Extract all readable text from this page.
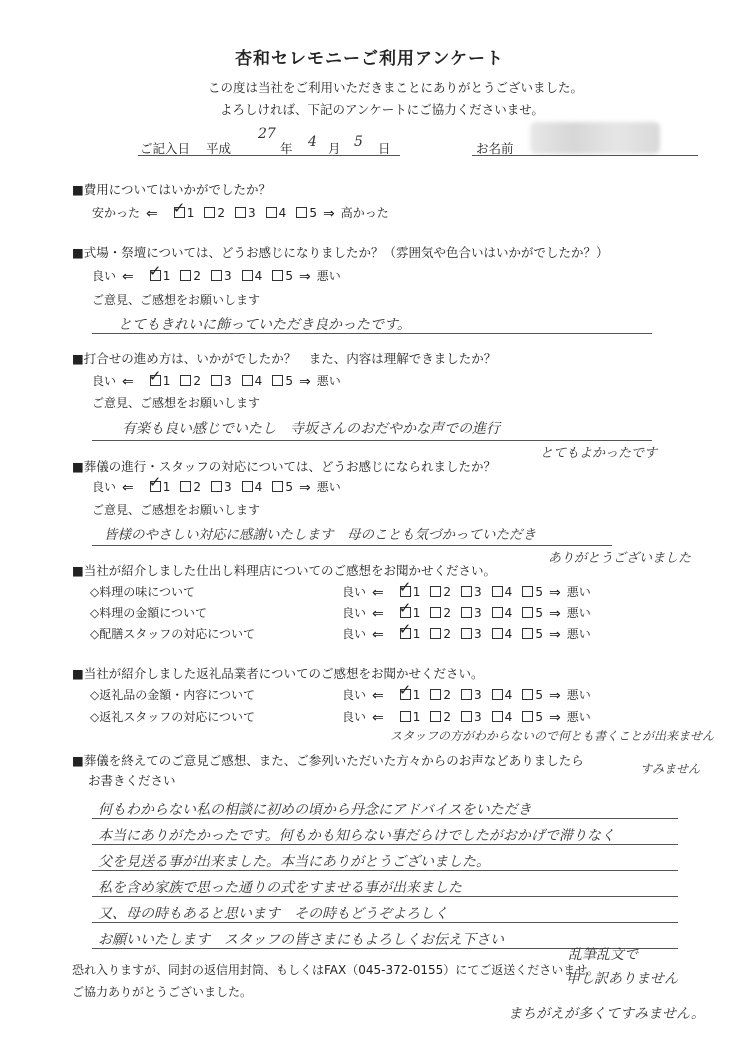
杏和セレモニーご利用アンケート
この度は当社をご利用いただきまことにありがとうございました。
よろしければ、下記のアンケートにご協力くださいませ。
ご記入日 平成
27
年 4 月 5 日	お名前
■費用についてはいかがでしたか？
安かった ⇐ ✓ 1 2 3 4 5 ⇒ 高かった
■式場・祭壇については、どうお感じになりましたか？（雰囲気や色合いはいかがでしたか？）
良い ⇐ ✓ 1 2 3 4 5 ⇒ 悪い
ご意見、ご感想をお願いします
とてもきれいに飾っていただき良かったです。
■打合せの進め方は、いかがでしたか？　また、内容は理解できましたか？
良い ⇐ ✓ 1 2 3 4 5 ⇒ 悪い
ご意見、ご感想をお願いします
有楽も良い感じでいたし　寺坂さんのおだやかな声での進行
とてもよかったです
■葬儀の進行・スタッフの対応については、どうお感じになられましたか？
良い ⇐ ✓ 1 2 3 4 5 ⇒ 悪い
ご意見、ご感想をお願いします
皆様のやさしい対応に感謝いたします　母のことも気づかっていただき
ありがとうございました
■当社が紹介しました仕出し料理店についてのご感想をお聞かせください。
◇料理の味について	良い ⇐ ✓ 1 2 3 4 5 ⇒ 悪い
◇料理の金額について	良い ⇐ ✓ 1 2 3 4 5 ⇒ 悪い
◇配膳スタッフの対応について	良い ⇐ ✓ 1 2 3 4 5 ⇒ 悪い
■当社が紹介しました返礼品業者についてのご感想をお聞かせください。
◇返礼品の金額・内容について	良い ⇐ ✓ 1 2 3 4 5 ⇒ 悪い
◇返礼スタッフの対応について	良い ⇐ 1 2 3 4 5 ⇒ 悪い
スタッフの方がわからないので何とも書くことが出来ません
すみません
■葬儀を終えてのご意見ご感想、また、ご参列いただいた方々からのお声などありましたら
お書きください
何もわからない私の相談に初めの頃から丹念にアドバイスをいただき
本当にありがたかったです。何もかも知らない事だらけでしたがおかげで滞りなく
父を見送る事が出来ました。本当にありがとうございました。
私を含め家族で思った通りの式をすませる事が出来ました
又、母の時もあると思います　その時もどうぞよろしく
お願いいたします　スタッフの皆さまにもよろしくお伝え下さい
恐れ入りますが、同封の返信用封筒、もしくはFAX（045-372-0155）にてご返送くださいませ。
ご協力ありがとうございました。
乱筆乱文で
申し訳ありません
まちがえが多くてすみません。
